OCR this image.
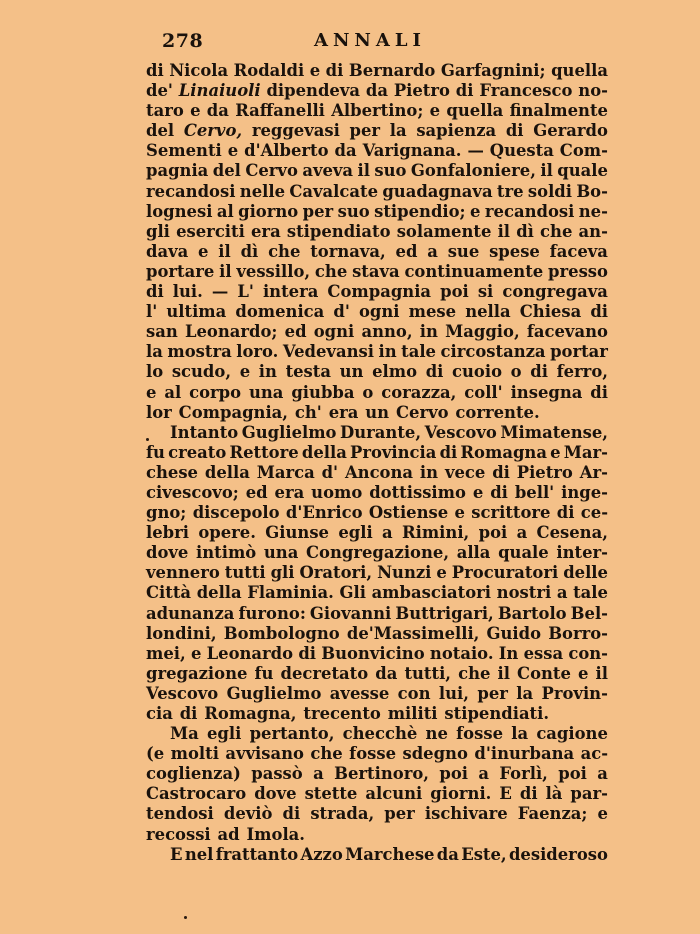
278	ANNALI
di Nicola Rodaldi e di Bernardo Garfagnini; quella
de' Linaiuoli dipendeva da Pietro di Francesco no-
taro e da Raffanelli Albertino; e quella finalmente
del Cervo, reggevasi per la sapienza di Gerardo
Sementi e d'Alberto da Varignana. — Questa Com-
pagnia del Cervo aveva il suo Gonfaloniere, il quale
recandosi nelle Cavalcate guadagnava tre soldi Bo-
lognesi al giorno per suo stipendio; e recandosi ne-
gli eserciti era stipendiato solamente il dì che an-
dava e il dì che tornava, ed a sue spese faceva
portare il vessillo, che stava continuamente presso
di lui. — L' intera Compagnia poi si congregava
l' ultima domenica d' ogni mese nella Chiesa di
san Leonardo; ed ogni anno, in Maggio, facevano
la mostra loro. Vedevansi in tale circostanza portar
lo scudo, e in testa un elmo di cuoio o di ferro,
e al corpo una giubba o corazza, coll' insegna di
lor Compagnia, ch' era un Cervo corrente.
Intanto Guglielmo Durante, Vescovo Mimatense,
fu creato Rettore della Provincia di Romagna e Mar-
chese della Marca d' Ancona in vece di Pietro Ar-
civescovo; ed era uomo dottissimo e di bell' inge-
gno; discepolo d'Enrico Ostiense e scrittore di ce-
lebri opere. Giunse egli a Rimini, poi a Cesena,
dove intimò una Congregazione, alla quale inter-
vennero tutti gli Oratori, Nunzi e Procuratori delle
Città della Flaminia. Gli ambasciatori nostri a tale
adunanza furono: Giovanni Buttrigari, Bartolo Bel-
londini, Bombologno de'Massimelli, Guido Borro-
mei, e Leonardo di Buonvicino notaio. In essa con-
gregazione fu decretato da tutti, che il Conte e il
Vescovo Guglielmo avesse con lui, per la Provin-
cia di Romagna, trecento militi stipendiati.
Ma egli pertanto, checchè ne fosse la cagione
(e molti avvisano che fosse sdegno d'inurbana ac-
coglienza) passò a Bertinoro, poi a Forlì, poi a
Castrocaro dove stette alcuni giorni. E di là par-
tendosi deviò di strada, per ischivare Faenza; e
recossi ad Imola.
E nel frattanto Azzo Marchese da Este, desideroso
